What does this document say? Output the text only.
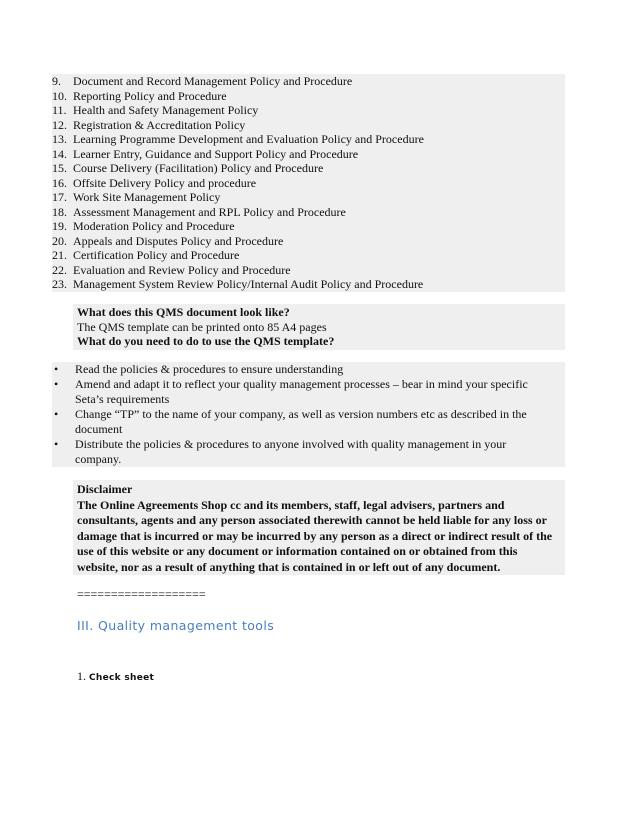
9.	Document and Record Management Policy and Procedure
10. Reporting Policy and Procedure
11. Health and Safety Management Policy
12. Registration & Accreditation Policy
13. Learning Programme Development and Evaluation Policy and Procedure
14. Learner Entry, Guidance and Support Policy and Procedure
15. Course Delivery (Facilitation) Policy and Procedure
16. Offsite Delivery Policy and procedure
17. Work Site Management Policy
18. Assessment Management and RPL Policy and Procedure
19. Moderation Policy and Procedure
20. Appeals and Disputes Policy and Procedure
21. Certification Policy and Procedure
22. Evaluation and Review Policy and Procedure
23. Management System Review Policy/Internal Audit Policy and Procedure
What does this QMS document look like?
The QMS template can be printed onto 85 A4 pages
What do you need to do to use the QMS template?
•	Read the policies & procedures to ensure understanding
•	Amend and adapt it to reflect your quality management processes – bear in mind your specific Seta’s requirements
•	Change “TP” to the name of your company, as well as version numbers etc as described in the document
•	Distribute the policies & procedures to anyone involved with quality management in your company.
Disclaimer
The Online Agreements Shop cc and its members, staff, legal advisers, partners and consultants, agents and any person associated therewith cannot be held liable for any loss or damage that is incurred or may be incurred by any person as a direct or indirect result of the use of this website or any document or information contained on or obtained from this website, nor as a result of anything that is contained in or left out of any document.
===================
III. Quality management tools
1. Check sheet
